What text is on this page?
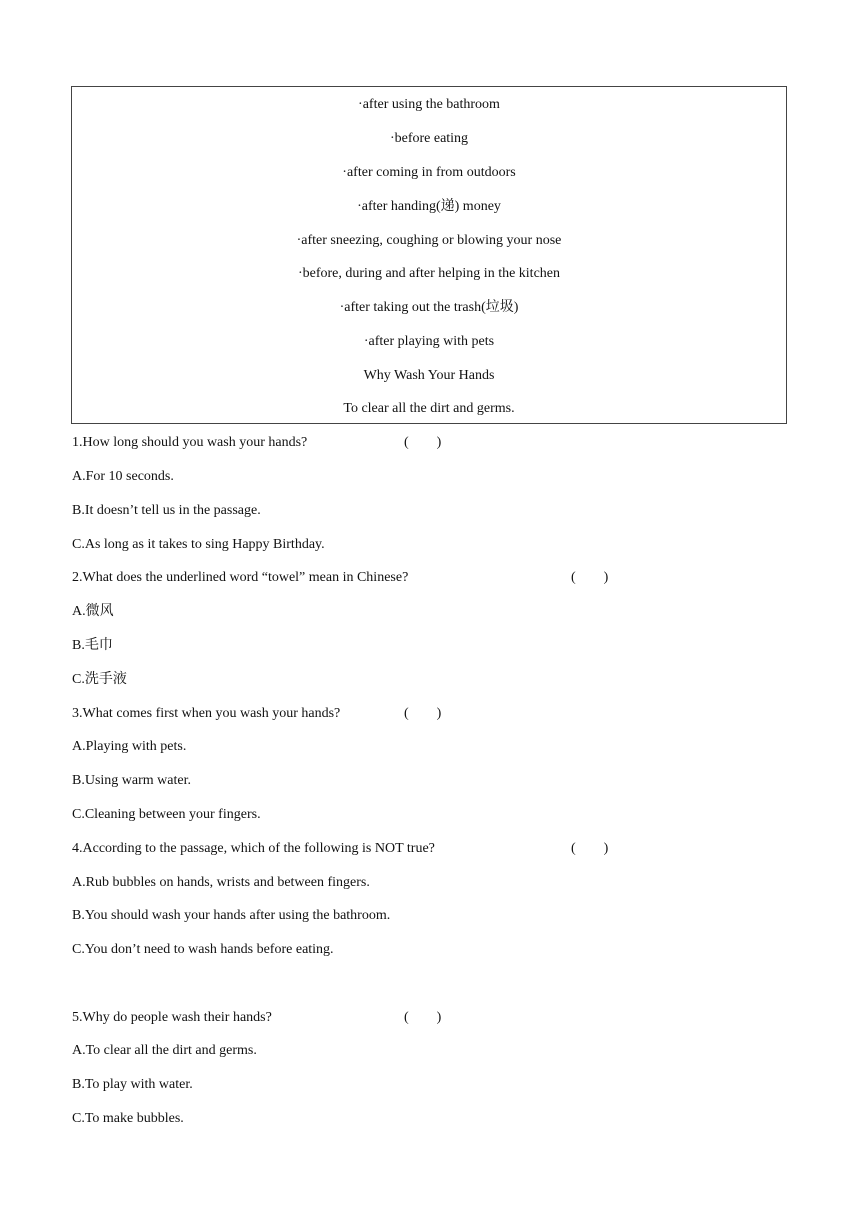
·after using the bathroom
·before eating
·after coming in from outdoors
·after handing(递) money
·after sneezing, coughing or blowing your nose
·before, during and after helping in the kitchen
·after taking out the trash(垃圾)
·after playing with pets
Why Wash Your Hands
To clear all the dirt and germs.
1.How long should you wash your hands?	(　　)
A.For 10 seconds.
B.It doesn’t tell us in the passage.
C.As long as it takes to sing Happy Birthday.
2.What does the underlined word “towel” mean in Chinese?	(　　)
A.微风
B.毛巾
C.洗手液
3.What comes first when you wash your hands?	(　　)
A.Playing with pets.
B.Using warm water.
C.Cleaning between your fingers.
4.According to the passage, which of the following is NOT true?	(　　)
A.Rub bubbles on hands, wrists and between fingers.
B.You should wash your hands after using the bathroom.
C.You don’t need to wash hands before eating.
5.Why do people wash their hands?	(　　)
A.To clear all the dirt and germs.
B.To play with water.
C.To make bubbles.
